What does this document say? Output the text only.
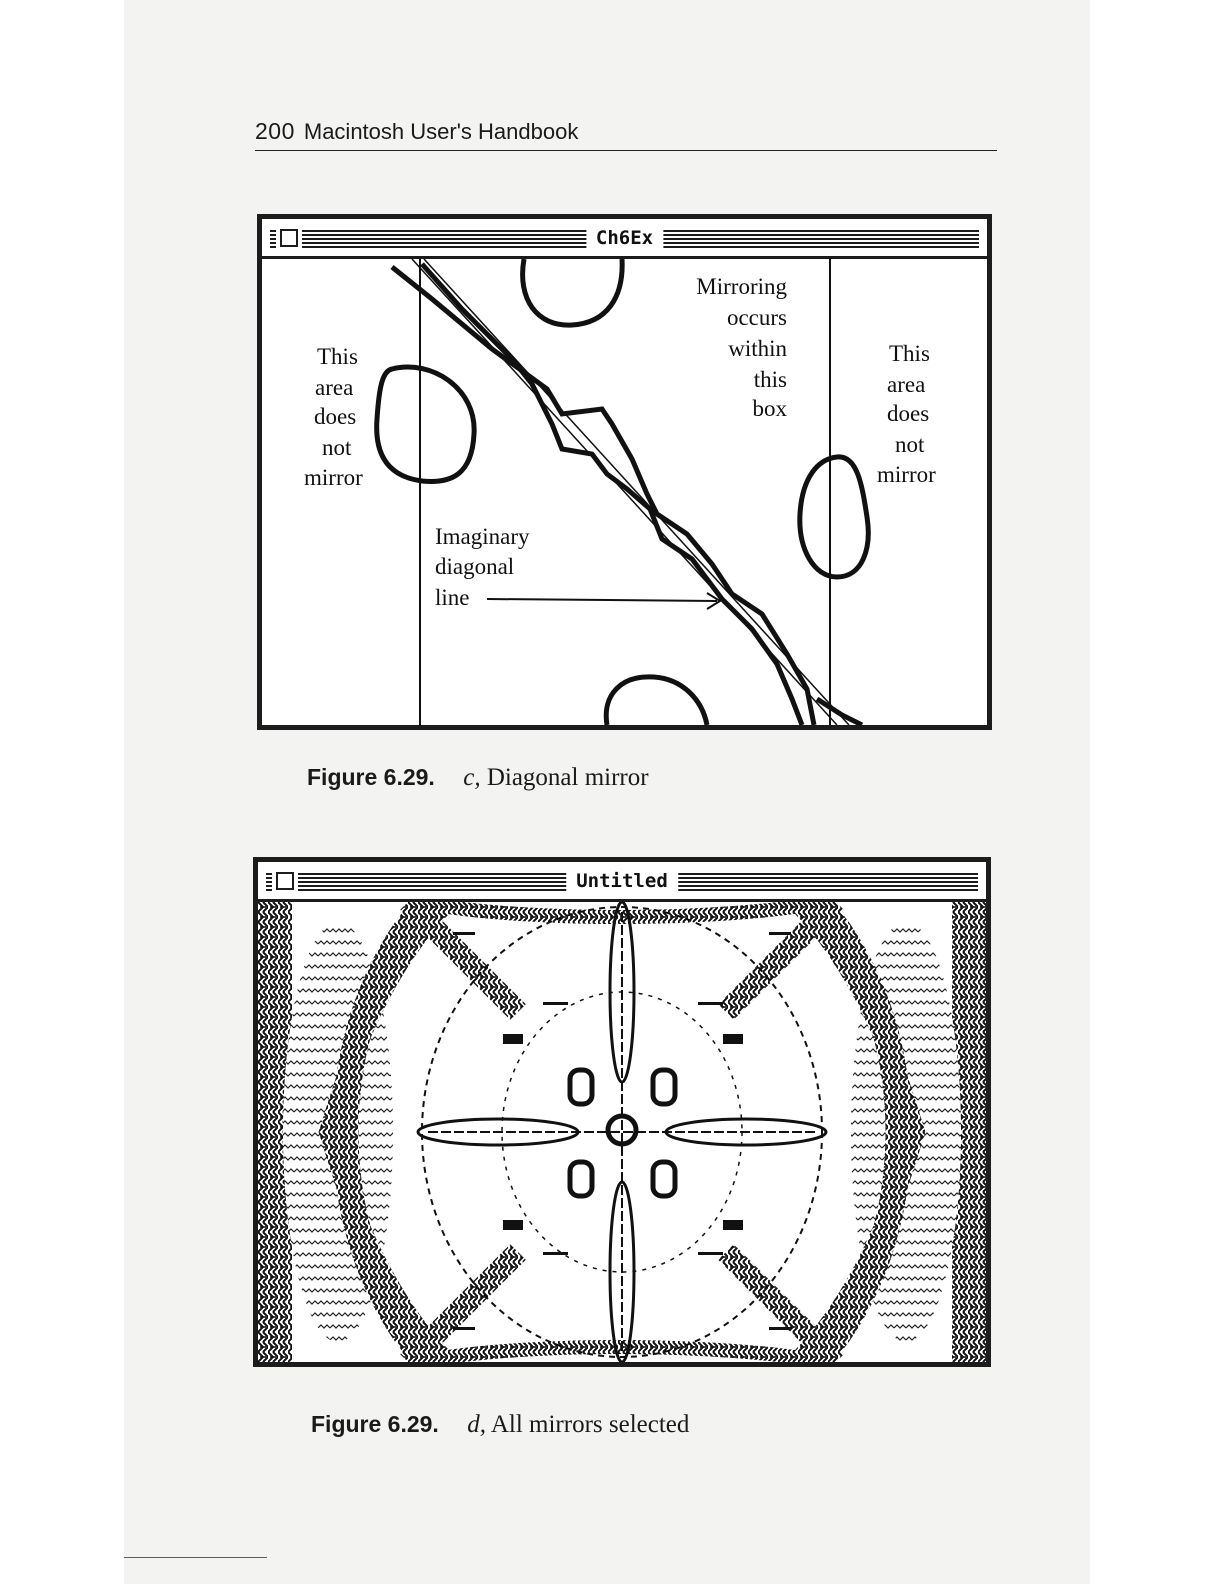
200 Macintosh User's Handbook
Ch6Ex
This
area
does
not
mirror
Mirroring
occurs
within
this
box
This
area
does
not
mirror
Imaginary
diagonal
line
Figure 6.29. c, Diagonal mirror
Untitled
Figure 6.29. d, All mirrors selected
